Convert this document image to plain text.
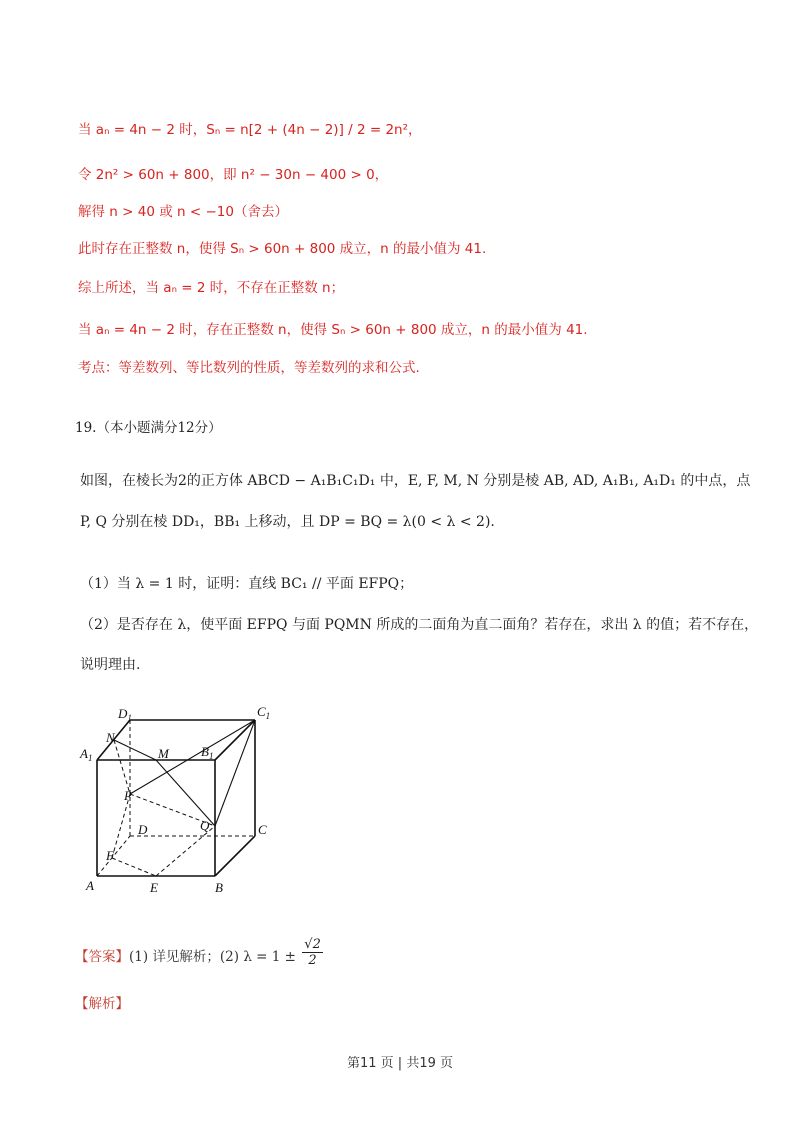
当 aₙ = 4n − 2 时，Sₙ = n[2 + (4n − 2)] / 2 = 2n²，
令 2n² > 60n + 800，即 n² − 30n − 400 > 0，
解得 n > 40 或 n < −10（舍去）
此时存在正整数 n，使得 Sₙ > 60n + 800 成立，n 的最小值为 41.
综上所述，当 aₙ = 2 时，不存在正整数 n；
当 aₙ = 4n − 2 时，存在正整数 n，使得 Sₙ > 60n + 800 成立，n 的最小值为 41.
考点：等差数列、等比数列的性质，等差数列的求和公式.
19.（本小题满分12分）
如图，在棱长为2的正方体 ABCD − A₁B₁C₁D₁ 中，E, F, M, N 分别是棱 AB, AD, A₁B₁, A₁D₁ 的中点，点
P, Q 分别在棱 DD₁，BB₁ 上移动，且 DP = BQ = λ(0 < λ < 2).
（1）当 λ = 1 时，证明：直线 BC₁ // 平面 EFPQ；
（2）是否存在 λ，使平面 EFPQ 与面 PQMN 所成的二面角为直二面角？若存在，求出 λ 的值；若不存在，
说明理由.
$D_1$	$C_1$
$A_1$
N
M $B_1$
P
D	C
Q
F
A	E	B
【答案】(1) 详见解析；(2) $\lambda = 1 \pm \frac{√2}{2}$
【解析】
第11 页 | 共19 页
